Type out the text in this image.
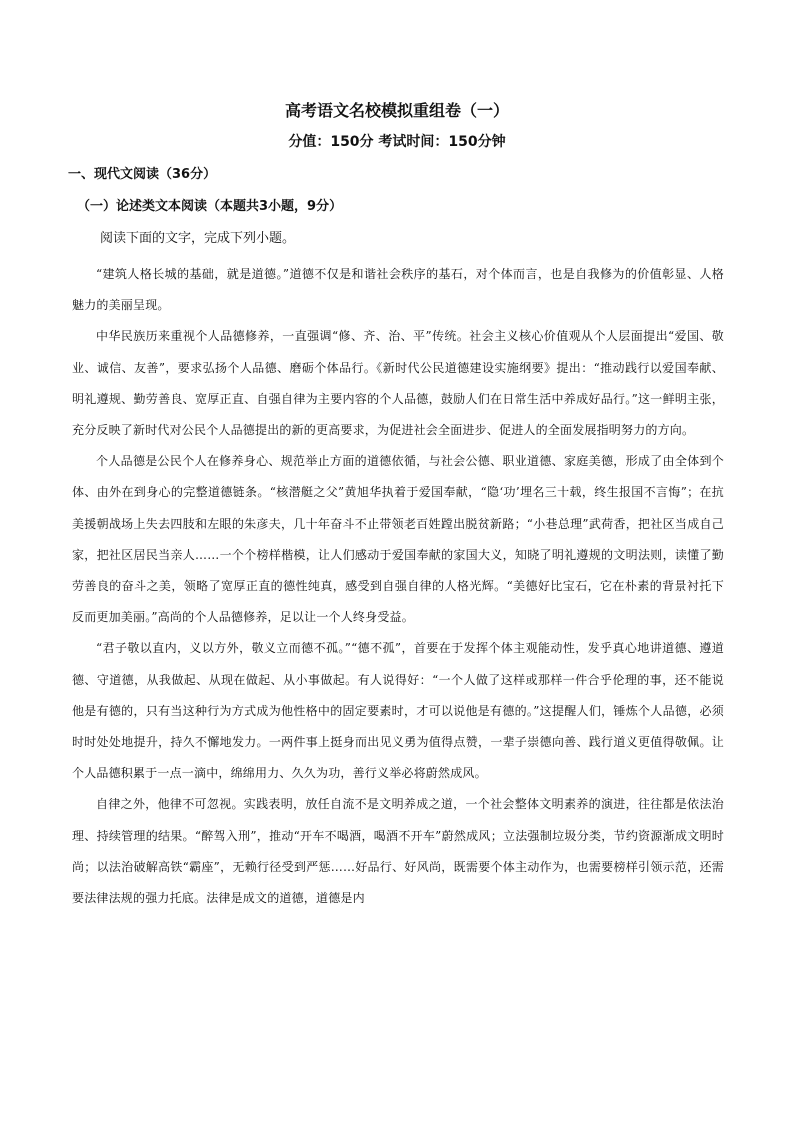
高考语文名校模拟重组卷（一）
分值：150分 考试时间：150分钟
一、现代文阅读（36分）
（一）论述类文本阅读（本题共3小题，9分）
阅读下面的文字，完成下列小题。

“建筑人格长城的基础，就是道德。”道德不仅是和谐社会秩序的基石，对个体而言，也是自我修为的价值彰显、人格魅力的美丽呈现。

中华民族历来重视个人品德修养，一直强调“修、齐、治、平”传统。社会主义核心价值观从个人层面提出“爱国、敬业、诚信、友善”，要求弘扬个人品德、磨砺个体品行。《新时代公民道德建设实施纲要》提出：“推动践行以爱国奉献、明礼遵规、勤劳善良、宽厚正直、自强自律为主要内容的个人品德，鼓励人们在日常生活中养成好品行。”这一鲜明主张，充分反映了新时代对公民个人品德提出的新的更高要求，为促进社会全面进步、促进人的全面发展指明努力的方向。

个人品德是公民个人在修养身心、规范举止方面的道德依循，与社会公德、职业道德、家庭美德，形成了由全体到个体、由外在到身心的完整道德链条。“核潜艇之父”黄旭华执着于爱国奉献，“隐‘功’埋名三十载，终生报国不言悔”；在抗美援朝战场上失去四肢和左眼的朱彦夫，几十年奋斗不止带领老百姓蹚出脱贫新路；“小巷总理”武荷香，把社区当成自己家，把社区居民当亲人……一个个榜样楷模，让人们感动于爱国奉献的家国大义，知晓了明礼遵规的文明法则，读懂了勤劳善良的奋斗之美，领略了宽厚正直的德性纯真，感受到自强自律的人格光辉。“美德好比宝石，它在朴素的背景衬托下反而更加美丽。”高尚的个人品德修养，足以让一个人终身受益。

“君子敬以直内，义以方外，敬义立而德不孤。”“德不孤”，首要在于发挥个体主观能动性，发乎真心地讲道德、遵道德、守道德，从我做起、从现在做起、从小事做起。有人说得好：“一个人做了这样或那样一件合乎伦理的事，还不能说他是有德的，只有当这种行为方式成为他性格中的固定要素时，才可以说他是有德的。”这提醒人们，锤炼个人品德，必须时时处处地提升，持久不懈地发力。一两件事上挺身而出见义勇为值得点赞，一辈子崇德向善、践行道义更值得敬佩。让个人品德积累于一点一滴中，绵绵用力、久久为功，善行义举必将蔚然成风。

自律之外，他律不可忽视。实践表明，放任自流不是文明养成之道，一个社会整体文明素养的演进，往往都是依法治理、持续管理的结果。“醉驾入刑”，推动“开车不喝酒，喝酒不开车”蔚然成风；立法强制垃圾分类，节约资源渐成文明时尚；以法治破解高铁“霸座”，无赖行径受到严惩……好品行、好风尚，既需要个体主动作为，也需要榜样引领示范，还需要法律法规的强力托底。法律是成文的道德，道德是内
